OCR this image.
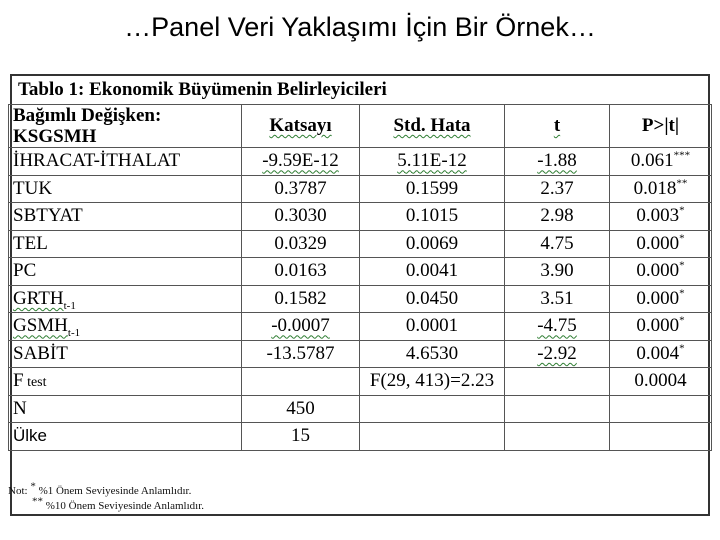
…Panel Veri Yaklaşımı İçin Bir Örnek…
Tablo 1: Ekonomik Büyümenin Belirleyicileri
Bağımlı Değişken:
KSGSMH	Katsayı	Std. Hata	t	P>|t|
İHRACAT-İTHALAT	-9.59E-12	5.11E-12	-1.88	0.061***
TUK	0.3787	0.1599	2.37	0.018**
SBTYAT	0.3030	0.1015	2.98	0.003*
TEL	0.0329	0.0069	4.75	0.000*
PC	0.0163	0.0041	3.90	0.000*
$GRTH_{t-1}$	0.1582	0.0450	3.51	0.000*
$GSMH_{t-1}$	-0.0007	0.0001	-4.75	0.000*
SABİT	-13.5787	4.6530	-2.92	0.004*
F test		F(29, 413)=2.23		0.0004
N	450			
Ülke	15			
Not: * %1 Önem Seviyesinde Anlamlıdır.
** %10 Önem Seviyesinde Anlamlıdır.
